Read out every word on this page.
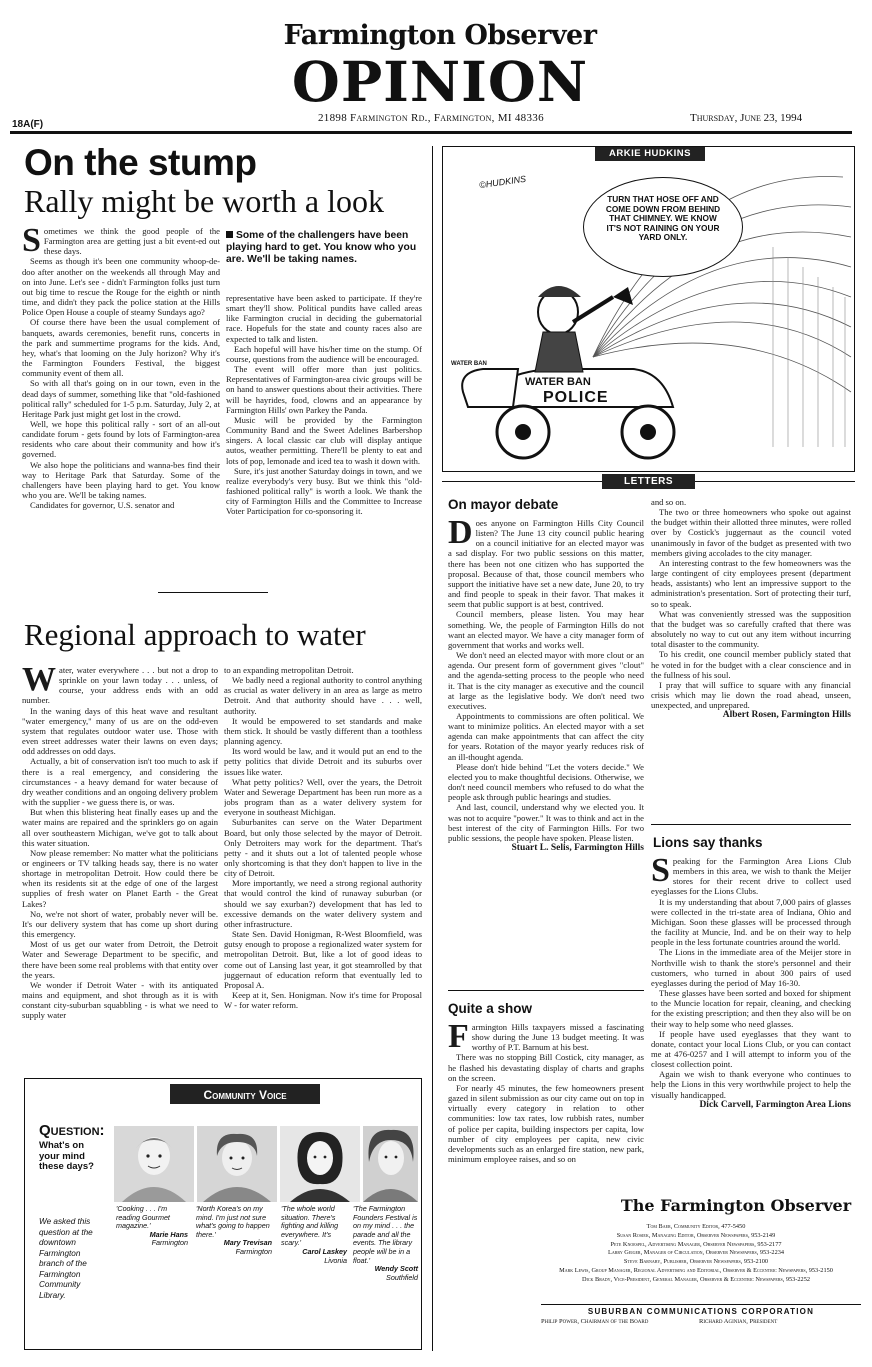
Farmington Observer
OPINION
18A(F)
21898 Farmington Rd., Farmington, MI 48336	Thursday, June 23, 1994
On the stump
Rally might be worth a look

Sometimes we think the good people of the Farmington area are getting just a bit event-ed out these days.

Seems as though it's been one community whoop-de-doo after another on the weekends all through May and on into June. Let's see - didn't Farmington folks just turn out big time to rescue the Rouge for the eighth or ninth time, and didn't they pack the police station at the Hills Police Open House a couple of steamy Sundays ago?

Of course there have been the usual complement of banquets, awards ceremonies, benefit runs, concerts in the park and summertime programs for the kids. And, hey, what's that looming on the July horizon? Why it's the Farmington Founders Festival, the biggest community event of them all.

So with all that's going on in our town, even in the dead days of summer, something like that "old-fashioned political rally" scheduled for 1-5 p.m. Saturday, July 2, at Heritage Park just might get lost in the crowd.

Well, we hope this political rally - sort of an all-out candidate forum - gets found by lots of Farmington-area residents who care about their community and how it's governed.

We also hope the politicians and wanna-bes find their way to Heritage Park that Saturday. Some of the challengers have been playing hard to get. You know who you are. We'll be taking names.

Candidates for governor, U.S. senator and

Some of the challengers have been playing hard to get. You know who you are. We'll be taking names.

representative have been asked to participate. If they're smart they'll show. Political pundits have called areas like Farmington crucial in deciding the gubernatorial race. Hopefuls for the state and county races also are expected to talk and listen.

Each hopeful will have his/her time on the stump. Of course, questions from the audience will be encouraged.

The event will offer more than just politics. Representatives of Farmington-area civic groups will be on hand to answer questions about their activities. There will be hayrides, food, clowns and an appearance by Farmington Hills' own Parkey the Panda.

Music will be provided by the Farmington Community Band and the Sweet Adelines Barbershop singers. A local classic car club will display antique autos, weather permitting. There'll be plenty to eat and lots of pop, lemonade and iced tea to wash it down with.

Sure, it's just another Saturday doings in town, and we realize everybody's very busy. But we think this "old-fashioned political rally" is worth a look. We thank the city of Farmington Hills and the Committee to Increase Voter Participation for co-sponsoring it.

Regional approach to water

Water, water everywhere . . . but not a drop to sprinkle on your lawn today . . . unless, of course, your address ends with an odd number.

In the waning days of this heat wave and resultant "water emergency," many of us are on the odd-even system that regulates outdoor water use. Those with even street addresses water their lawns on even days; odd addresses on odd days.

Actually, a bit of conservation isn't too much to ask if there is a real emergency, and considering the circumstances - a heavy demand for water because of dry weather conditions and an ongoing delivery problem with the supplier - we guess there is, or was.

But when this blistering heat finally eases up and the water mains are repaired and the sprinklers go on again all over southeastern Michigan, we've got to talk about this water situation.

Now please remember: No matter what the politicians or engineers or TV talking heads say, there is no water shortage in metropolitan Detroit. How could there be when its residents sit at the edge of one of the largest supplies of fresh water on Planet Earth - the Great Lakes?

No, we're not short of water, probably never will be. It's our delivery system that has come up short during this emergency.

Most of us get our water from Detroit, the Detroit Water and Sewerage Department to be specific, and there have been some real problems with that entity over the years.

We wonder if Detroit Water - with its antiquated mains and equipment, and shot through as it is with constant city-suburban squabbling - is what we need to supply water

to an expanding metropolitan Detroit.

We badly need a regional authority to control anything as crucial as water delivery in an area as large as metro Detroit. And that authority should have . . . well, authority.

It would be empowered to set standards and make them stick. It should be vastly different than a toothless planning agency.

Its word would be law, and it would put an end to the petty politics that divide Detroit and its suburbs over issues like water.

What petty politics? Well, over the years, the Detroit Water and Sewerage Department has been run more as a jobs program than as a water delivery system for everyone in southeast Michigan.

Suburbanites can serve on the Water Department Board, but only those selected by the mayor of Detroit. Only Detroiters may work for the department. That's petty - and it shuts out a lot of talented people whose only shortcoming is that they don't happen to live in the city of Detroit.

More importantly, we need a strong regional authority that would control the kind of runaway suburban (or should we say exurban?) development that has led to excessive demands on the water delivery system and other infrastructure.

State Sen. David Honigman, R-West Bloomfield, was gutsy enough to propose a regionalized water system for metropolitan Detroit. But, like a lot of good ideas to come out of Lansing last year, it got steamrolled by that juggernaut of education reform that eventually led to Proposal A.

Keep at it, Sen. Honigman. Now it's time for Proposal W - for water reform.

Community Voice
Question:
What's on your mind these days?
We asked this question at the downtown Farmington branch of the Farmington Community Library.
'Cooking . . . I'm reading Gourmet magazine.'
Marie Hans
Farmington
'North Korea's on my mind. I'm just not sure what's going to happen there.'
Mary Trevisan
Farmington
'The whole world situation. There's fighting and killing everywhere. It's scary.'
Carol Laskey
Livonia
'The Farmington Founders Festival is on my mind . . . the parade and all the events. The library people will be in a float.'
Wendy Scott
Southfield
ARKIE HUDKINS
©HUDKINS
TURN THAT HOSE OFF AND COME DOWN FROM BEHIND THAT CHIMNEY. WE KNOW IT'S NOT RAINING ON YOUR YARD ONLY.
WATER BAN
WATER BAN
POLICE
LETTERS
On mayor debate

Does anyone on Farmington Hills City Council listen? The June 13 city council public hearing on a council initiative for an elected mayor was a sad display. For two public sessions on this matter, there has been not one citizen who has supported the proposal. Because of that, those council members who support the initiative have set a new date, June 20, to try and find people to speak in their favor. That makes it seem that public support is at best, contrived.

Council members, please listen. You may hear something. We, the people of Farmington Hills do not want an elected mayor. We have a city manager form of government that works and works well.

We don't need an elected mayor with more clout or an agenda. Our present form of government gives "clout" and the agenda-setting process to the people who need it. That is the city manager as executive and the council at large as the legislative body. We don't need two executives.

Appointments to commissions are often political. We want to minimize politics. An elected mayor with a set agenda can make appointments that can affect the city for years. Rotation of the mayor yearly reduces risk of an ill-thought agenda.

Please don't hide behind "Let the voters decide." We elected you to make thoughtful decisions. Otherwise, we don't need council members who refused to do what the people ask through public hearings and studies.

And last, council, understand why we elected you. It was not to acquire "power." It was to think and act in the best interest of the city of Farmington Hills. For two public sessions, the people have spoken. Please listen.

Stuart L. Selis, Farmington Hills

Quite a show

Farmington Hills taxpayers missed a fascinating show during the June 13 budget meeting. It was worthy of P.T. Barnum at his best.

There was no stopping Bill Costick, city manager, as he flashed his devastating display of charts and graphs on the screen.

For nearly 45 minutes, the few homeowners present gazed in silent submission as our city came out on top in virtually every category in relation to other communities: low tax rates, low rubbish rates, number of police per capita, building inspectors per capita, low number of city employees per capita, new civic developments such as an enlarged fire station, new park, minimum employee raises, and so on

and so on.

The two or three homeowners who spoke out against the budget within their allotted three minutes, were rolled over by Costick's juggernaut as the council voted unanimously in favor of the budget as presented with two members giving accolades to the city manager.

An interesting contrast to the few homeowners was the large contingent of city employees present (department heads, assistants) who lent an impressive support to the administration's presentation. Sort of protecting their turf, so to speak.

What was conveniently stressed was the supposition that the budget was so carefully crafted that there was absolutely no way to cut out any item without incurring total disaster to the community.

To his credit, one council member publicly stated that he voted in for the budget with a clear conscience and in the fullness of his soul.

I pray that will suffice to square with any financial crisis which may lie down the road ahead, unseen, unexpected, and unprepared.

Albert Rosen, Farmington Hills

Lions say thanks

Speaking for the Farmington Area Lions Club members in this area, we wish to thank the Meijer stores for their recent drive to collect used eyeglasses for the Lions Clubs.

It is my understanding that about 7,000 pairs of glasses were collected in the tri-state area of Indiana, Ohio and Michigan. Soon these glasses will be processed through the facility at Muncie, Ind. and be on their way to help people in the less fortunate countries around the world.

The Lions in the immediate area of the Meijer store in Northville wish to thank the store's personnel and their customers, who turned in about 300 pairs of used eyeglasses during the period of May 16-30.

These glasses have been sorted and boxed for shipment to the Muncie location for repair, cleaning, and checking for the existing prescription; and then they also will be on their way to help some who need glasses.

If people have used eyeglasses that they want to donate, contact your local Lions Club, or you can contact me at 476-0257 and I will attempt to inform you of the closest collection point.

Again we wish to thank everyone who continues to help the Lions in this very worthwhile project to help the visually handicapped.

Dick Carvell, Farmington Area Lions

The Farmington Observer
Tom Baer, Community Editor, 477-5450
Susan Rosiek, Managing Editor, Observer Newspapers, 953-2149
Pete Knoespel, Advertising Manager, Observer Newspapers, 953-2177
Larry Geiger, Manager of Circulation, Observer Newspapers, 953-2234
Steve Barnaby, Publisher, Observer Newspapers, 953-2100
Mark Lewis, Group Manager, Regional Advertising and Editorial, Observer & Eccentric Newspapers, 953-2150
Dick Brady, Vice-President, General Manager, Observer & Eccentric Newspapers, 953-2252
SUBURBAN COMMUNICATIONS CORPORATION
Philip Power, Chairman of the Board	Richard Aginian, President
